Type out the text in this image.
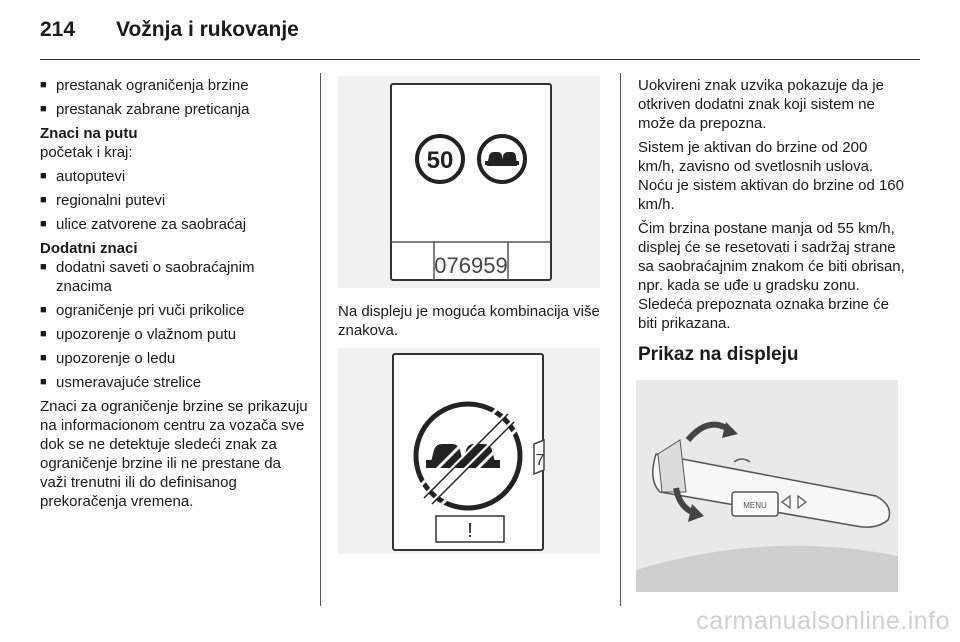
214 Vožnja i rukovanje
■ prestanak ograničenja brzine
■ prestanak zabrane preticanja
Znaci na putu
početak i kraj:
■ autoputevi
■ regionalni putevi
■ ulice zatvorene za saobraćaj
Dodatni znaci
■ dodatni saveti o saobraćajnim znacima
■ ograničenje pri vuči prikolice
■ upozorenje o vlažnom putu
■ upozorenje o ledu
■ usmeravajuće strelice
Znaci za ograničenje brzine se prikazuju na informacionom centru za vozača sve dok se ne detektuje sledeći znak za ograničenje brzine ili ne prestane da važi trenutni ili do definisanog prekoračenja vremena.
50
076959
Na displeju je moguća kombinacija više znakova.
7
!
Uokvireni znak uzvika pokazuje da je otkriven dodatni znak koji sistem ne može da prepozna.
Sistem je aktivan do brzine od 200 km/h, zavisno od svetlosnih uslova. Noću je sistem aktivan do brzine od 160 km/h.
Čim brzina postane manja od 55 km/h, displej će se resetovati i sadržaj strane sa saobraćajnim znakom će biti obrisan, npr. kada se uđe u gradsku zonu. Sledeća prepoznata oznaka brzine će biti prikazana.
Prikaz na displeju
MENU
carmanualsonline.info
